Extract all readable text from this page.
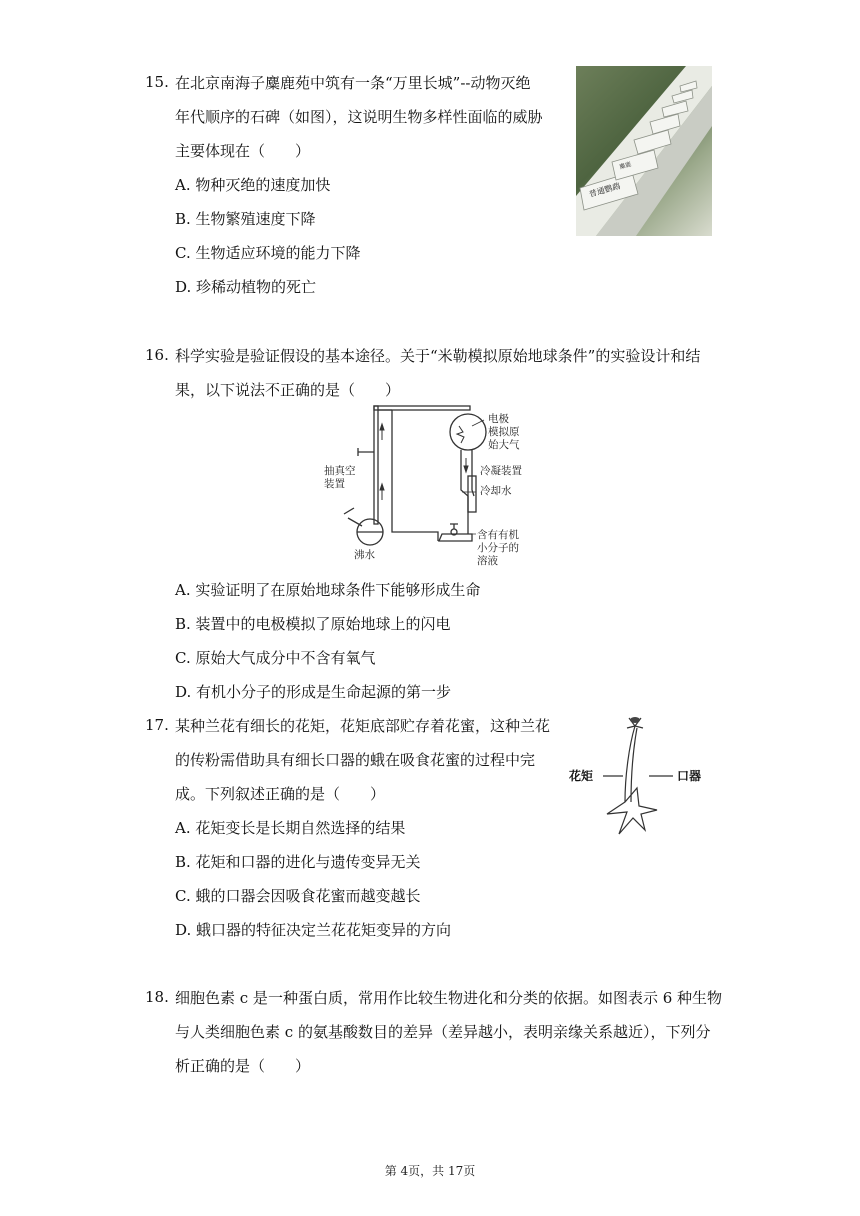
15. 在北京南海子麋鹿苑中筑有一条“万里长城”--动物灭绝
年代顺序的石碑（如图），这说明生物多样性面临的威胁
主要体现在（　　）
A. 物种灭绝的速度加快
B. 生物繁殖速度下降
C. 生物适应环境的能力下降
D. 珍稀动植物的死亡
普通鹦鹉
麋鹿
16. 科学实验是验证假设的基本途径。关于“米勒模拟原始地球条件”的实验设计和结
果，以下说法不正确的是（　　）
电极
模拟原
始大气
抽真空
装置
冷凝装置
冷却水
沸水
含有有机
小分子的
溶液
A. 实验证明了在原始地球条件下能够形成生命
B. 装置中的电极模拟了原始地球上的闪电
C. 原始大气成分中不含有氧气
D. 有机小分子的形成是生命起源的第一步
17. 某种兰花有细长的花矩，花矩底部贮存着花蜜，这种兰花
的传粉需借助具有细长口器的蛾在吸食花蜜的过程中完
成。下列叙述正确的是（　　）
花矩	口器
A. 花矩变长是长期自然选择的结果
B. 花矩和口器的进化与遗传变异无关
C. 蛾的口器会因吸食花蜜而越变越长
D. 蛾口器的特征决定兰花花矩变异的方向
18. 细胞色素 c 是一种蛋白质，常用作比较生物进化和分类的依据。如图表示 6 种生物
与人类细胞色素 c 的氨基酸数目的差异（差异越小，表明亲缘关系越近），下列分
析正确的是（　　）
第 4页，共 17页
